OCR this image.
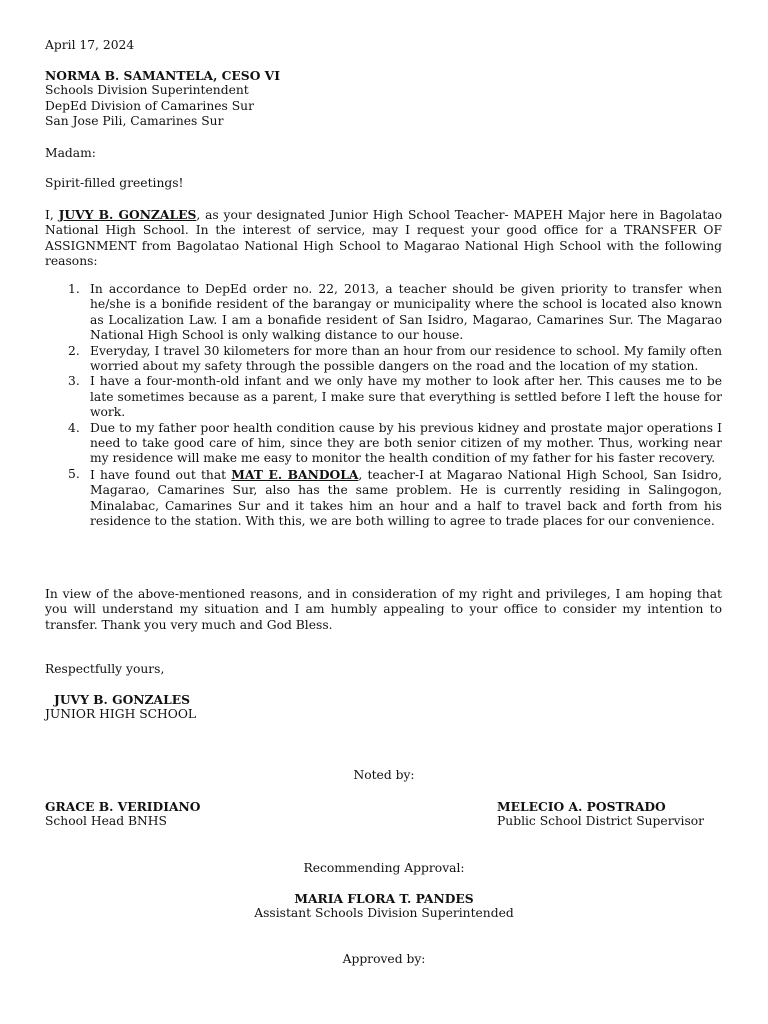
April 17, 2024
NORMA B. SAMANTELA, CESO VI
Schools Division Superintendent
DepEd Division of Camarines Sur
San Jose Pili, Camarines Sur
Madam:
Spirit-filled greetings!
I, JUVY B. GONZALES, as your designated Junior High School Teacher- MAPEH Major here in Bagolatao National High School. In the interest of service, may I request your good office for a TRANSFER OF ASSIGNMENT from Bagolatao National High School to Magarao National High School with the following reasons:
1. In accordance to DepEd order no. 22, 2013, a teacher should be given priority to transfer when he/she is a bonifide resident of the barangay or municipality where the school is located also known as Localization Law. I am a bonafide resident of San Isidro, Magarao, Camarines Sur. The Magarao National High School is only walking distance to our house.
2. Everyday, I travel 30 kilometers for more than an hour from our residence to school. My family often worried about my safety through the possible dangers on the road and the location of my station.
3. I have a four-month-old infant and we only have my mother to look after her. This causes me to be late sometimes because as a parent, I make sure that everything is settled before I left the house for work.
4. Due to my father poor health condition cause by his previous kidney and prostate major operations I need to take good care of him, since they are both senior citizen of my mother. Thus, working near my residence will make me easy to monitor the health condition of my father for his faster recovery.
5. I have found out that MAT E. BANDOLA, teacher-I at Magarao National High School, San Isidro, Magarao, Camarines Sur, also has the same problem. He is currently residing in Salingogon, Minalabac, Camarines Sur and it takes him an hour and a half to travel back and forth from his residence to the station. With this, we are both willing to agree to trade places for our convenience.
In view of the above-mentioned reasons, and in consideration of my right and privileges, I am hoping that you will understand my situation and I am humbly appealing to your office to consider my intention to transfer. Thank you very much and God Bless.
Respectfully yours,
JUVY B. GONZALES
JUNIOR HIGH SCHOOL
Noted by:
GRACE B. VERIDIANO
School Head BNHS
MELECIO A. POSTRADO
Public School District Supervisor
Recommending Approval:
MARIA FLORA T. PANDES
Assistant Schools Division Superintended
Approved by:
